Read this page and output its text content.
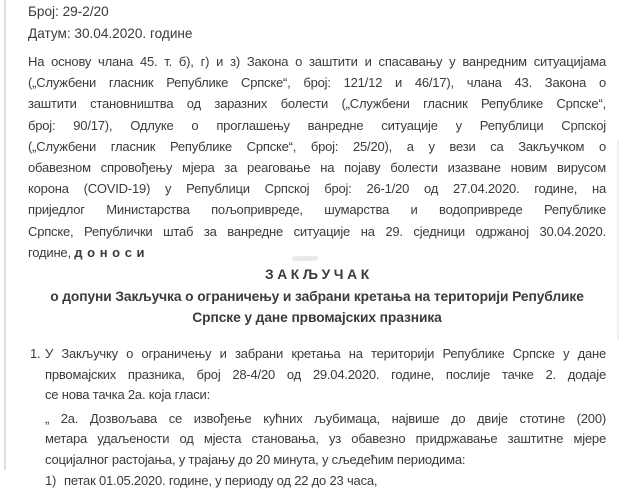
Број: 29-2/20
Датум: 30.04.2020. године
На основу члана 45. т. б), г) и з) Закона о заштити и спасавању у ванредним ситуацијама
(„Службени гласник Републике Српске“, број: 121/12 и 46/17), члана 43. Закона о
заштити становништва од заразних болести („Службени гласник Републике Српске“,
број: 90/17), Одлуке о проглашењу ванредне ситуације у Републици Српској
(„Службени гласник Републике Српске“, број: 25/20), а у вези са Закључком о
обавезном спровођењу мјера за реаговање на појаву болести изазване новим вирусом
корона (COVID-19) у Републици Српској број: 26-1/20 од 27.04.2020. године, на
приједлог Министарства пољопривреде, шумарства и водопривреде Републике
Српске, Републички штаб за ванредне ситуације на 29. сједници одржаној 30.04.2020.
године, д о н о с и
З А К Љ У Ч А К
о допуни Закључка о ограничењу и забрани кретања на територији Републике
Српске у дане првомајских празника
1. У Закључку о ограничењу и забрани кретања на територији Републике Српске у дане
првомајских празника, број 28-4/20 од 29.04.2020. године, послије тачке 2. додаје
се нова тачка 2а. која гласи:
„ 2а. Дозвољава се извођење кућних љубимаца, највише до двије стотине (200)
метара удаљености од мјеста становања, уз обавезно придржавање заштитне мјере
социјалног растојања, у трајању до 20 минута, у сљедећим периодима:
1) петак 01.05.2020. године, у периоду од 22 до 23 часа,
